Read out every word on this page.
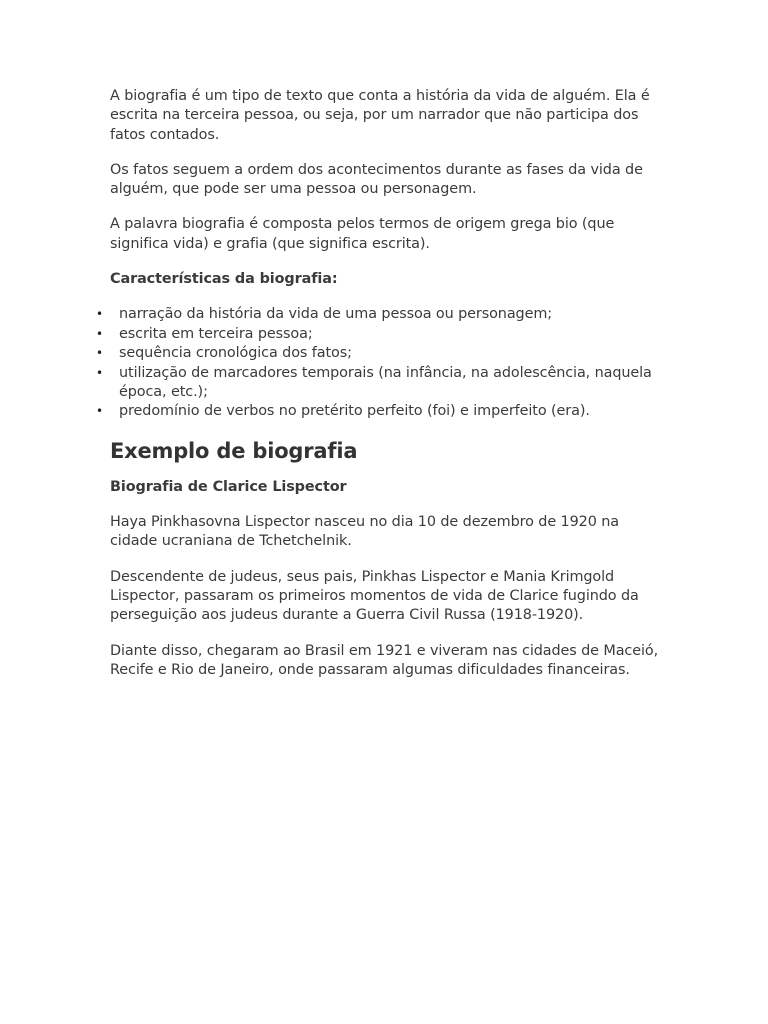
A biografia é um tipo de texto que conta a história da vida de alguém. Ela é escrita na terceira pessoa, ou seja, por um narrador que não participa dos fatos contados.

Os fatos seguem a ordem dos acontecimentos durante as fases da vida de alguém, que pode ser uma pessoa ou personagem.

A palavra biografia é composta pelos termos de origem grega bio (que significa vida) e grafia (que significa escrita).

Características da biografia:

• narração da história da vida de uma pessoa ou personagem;
• escrita em terceira pessoa;
• sequência cronológica dos fatos;
• utilização de marcadores temporais (na infância, na adolescência, naquela época, etc.);
• predomínio de verbos no pretérito perfeito (foi) e imperfeito (era).
Exemplo de biografia

Biografia de Clarice Lispector

Haya Pinkhasovna Lispector nasceu no dia 10 de dezembro de 1920 na cidade ucraniana de Tchetchelnik.

Descendente de judeus, seus pais, Pinkhas Lispector e Mania Krimgold Lispector, passaram os primeiros momentos de vida de Clarice fugindo da perseguição aos judeus durante a Guerra Civil Russa (1918-1920).

Diante disso, chegaram ao Brasil em 1921 e viveram nas cidades de Maceió, Recife e Rio de Janeiro, onde passaram algumas dificuldades financeiras.
